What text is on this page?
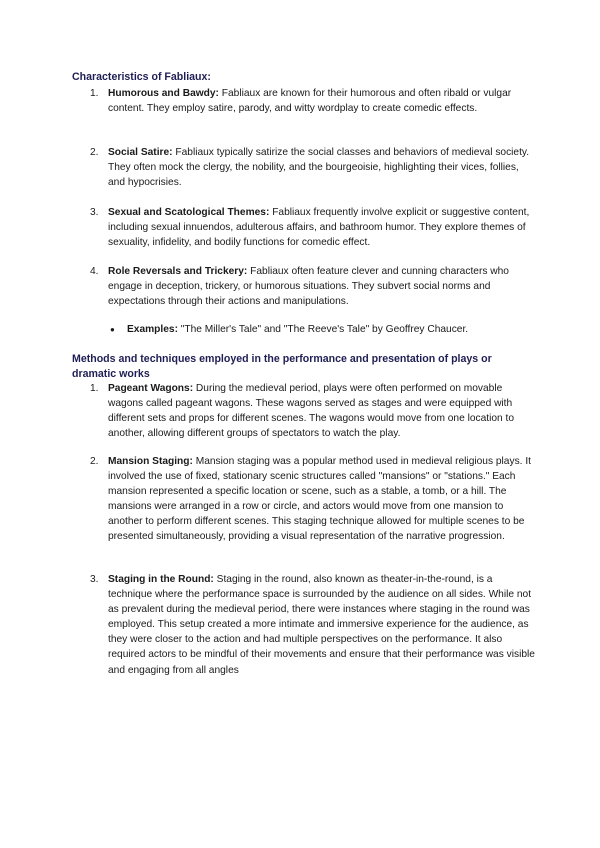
Characteristics of Fabliaux:
1. Humorous and Bawdy: Fabliaux are known for their humorous and often ribald or vulgar content. They employ satire, parody, and witty wordplay to create comedic effects.
2. Social Satire: Fabliaux typically satirize the social classes and behaviors of medieval society. They often mock the clergy, the nobility, and the bourgeoisie, highlighting their vices, follies, and hypocrisies.
3. Sexual and Scatological Themes: Fabliaux frequently involve explicit or suggestive content, including sexual innuendos, adulterous affairs, and bathroom humor. They explore themes of sexuality, infidelity, and bodily functions for comedic effect.
4. Role Reversals and Trickery: Fabliaux often feature clever and cunning characters who engage in deception, trickery, or humorous situations. They subvert social norms and expectations through their actions and manipulations.
● Examples: "The Miller's Tale" and "The Reeve's Tale" by Geoffrey Chaucer.
Methods and techniques employed in the performance and presentation of plays or dramatic works
1. Pageant Wagons: During the medieval period, plays were often performed on movable wagons called pageant wagons. These wagons served as stages and were equipped with different sets and props for different scenes. The wagons would move from one location to another, allowing different groups of spectators to watch the play.
2. Mansion Staging: Mansion staging was a popular method used in medieval religious plays. It involved the use of fixed, stationary scenic structures called "mansions" or "stations." Each mansion represented a specific location or scene, such as a stable, a tomb, or a hill. The mansions were arranged in a row or circle, and actors would move from one mansion to another to perform different scenes. This staging technique allowed for multiple scenes to be presented simultaneously, providing a visual representation of the narrative progression.
3. Staging in the Round: Staging in the round, also known as theater-in-the-round, is a technique where the performance space is surrounded by the audience on all sides. While not as prevalent during the medieval period, there were instances where staging in the round was employed. This setup created a more intimate and immersive experience for the audience, as they were closer to the action and had multiple perspectives on the performance. It also required actors to be mindful of their movements and ensure that their performance was visible and engaging from all angles
